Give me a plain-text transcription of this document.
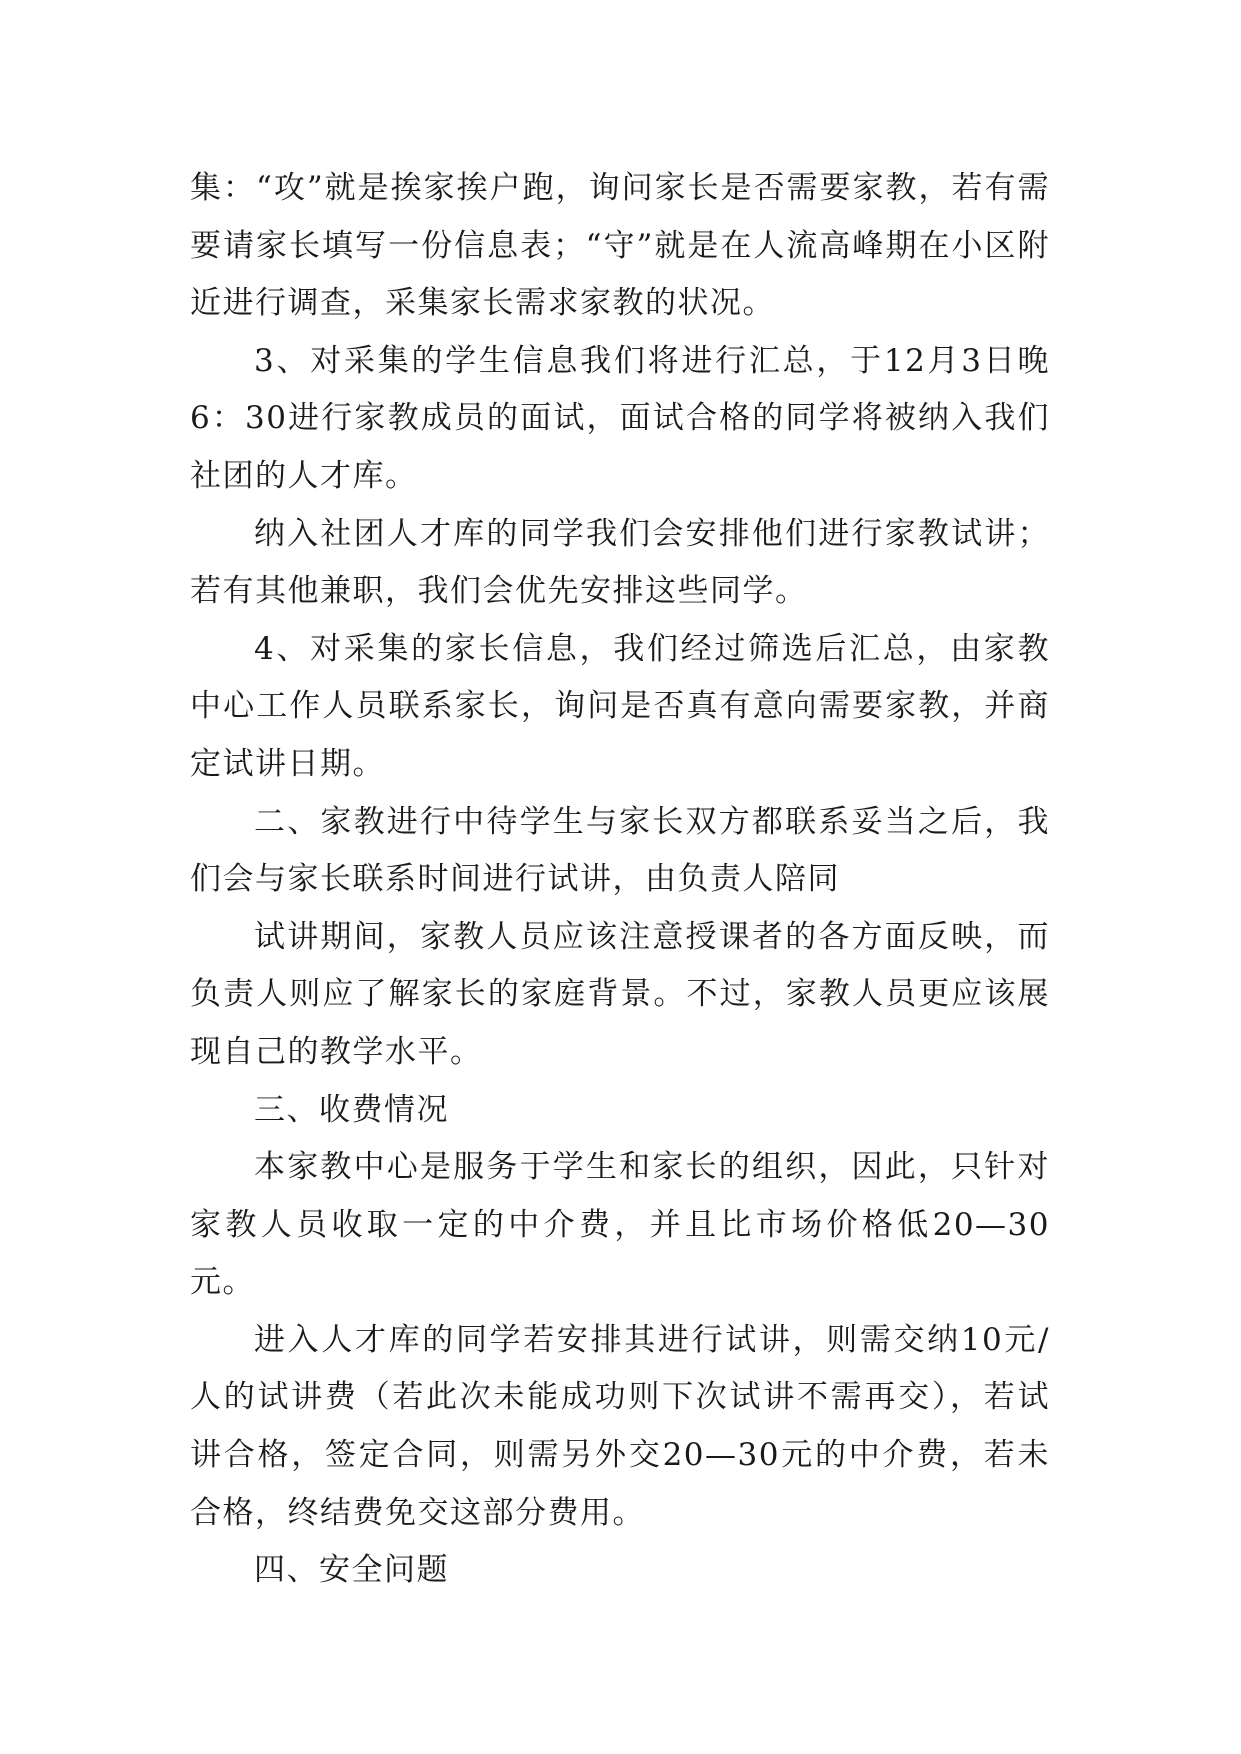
集：“攻”就是挨家挨户跑，询问家长是否需要家教，若有需要请家长填写一份信息表；“守”就是在人流高峰期在小区附近进行调查，采集家长需求家教的状况。

3、对采集的学生信息我们将进行汇总，于12月3日晚6：30进行家教成员的面试，面试合格的同学将被纳入我们社团的人才库。

纳入社团人才库的同学我们会安排他们进行家教试讲；若有其他兼职，我们会优先安排这些同学。

4、对采集的家长信息，我们经过筛选后汇总，由家教中心工作人员联系家长，询问是否真有意向需要家教，并商定试讲日期。

二、家教进行中待学生与家长双方都联系妥当之后，我们会与家长联系时间进行试讲，由负责人陪同

试讲期间，家教人员应该注意授课者的各方面反映，而负责人则应了解家长的家庭背景。不过，家教人员更应该展现自己的教学水平。

三、收费情况

本家教中心是服务于学生和家长的组织，因此，只针对家教人员收取一定的中介费，并且比市场价格低20—30元。

进入人才库的同学若安排其进行试讲，则需交纳10元/人的试讲费（若此次未能成功则下次试讲不需再交），若试讲合格，签定合同，则需另外交20—30元的中介费，若未合格，终结费免交这部分费用。

四、安全问题
